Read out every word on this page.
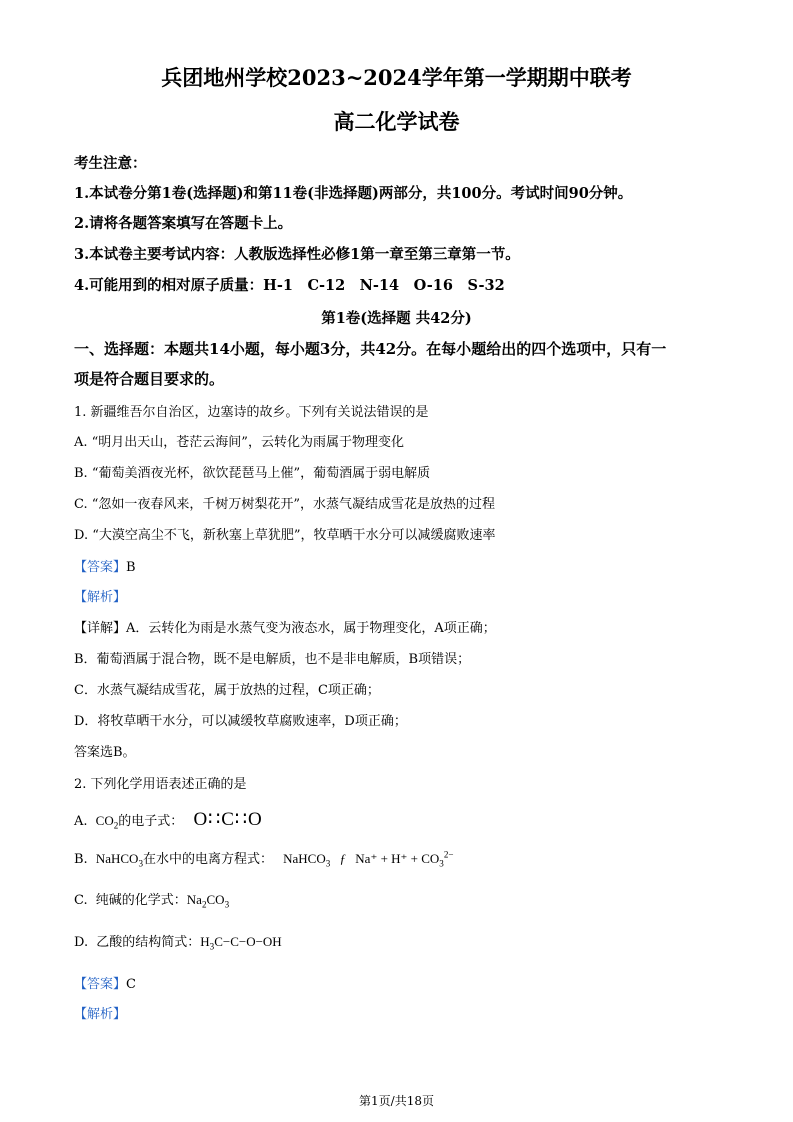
兵团地州学校2023~2024学年第一学期期中联考
高二化学试卷
考生注意：
1.本试卷分第1卷(选择题)和第11卷(非选择题)两部分，共100分。考试时间90分钟。
2.请将各题答案填写在答题卡上。
3.本试卷主要考试内容：人教版选择性必修1第一章至第三章第一节。
4.可能用到的相对原子质量：H-1　C-12　N-14　O-16　S-32
第1卷(选择题 共42分)
一、选择题：本题共14小题，每小题3分，共42分。在每小题给出的四个选项中，只有一
项是符合题目要求的。
1. 新疆维吾尔自治区，边塞诗的故乡。下列有关说法错误的是
A. “明月出天山，苍茫云海间”，云转化为雨属于物理变化
B. “葡萄美酒夜光杯，欲饮琵琶马上催”，葡萄酒属于弱电解质
C. “忽如一夜春风来，千树万树梨花开”，水蒸气凝结成雪花是放热的过程
D. “大漠空高尘不飞，新秋塞上草犹肥”，牧草晒干水分可以减缓腐败速率
【答案】B
【解析】
【详解】A．云转化为雨是水蒸气变为液态水，属于物理变化，A项正确；
B．葡萄酒属于混合物，既不是电解质，也不是非电解质，B项错误；
C．水蒸气凝结成雪花，属于放热的过程，C项正确；
D．将牧草晒干水分，可以减缓牧草腐败速率，D项正确；
答案选B。
2. 下列化学用语表述正确的是
A. $CO_2$的电子式： O∷C∷O
B. NaHCO$_3$在水中的电离方程式： NaHCO$_3$ ƒ $Na^+ + H^+ + CO_3^{2-}$
C. 纯碱的化学式：$Na_2CO_3$
D. 乙酸的结构简式：$H_3C-C-O-OH$
【答案】C
【解析】
第1页/共18页
